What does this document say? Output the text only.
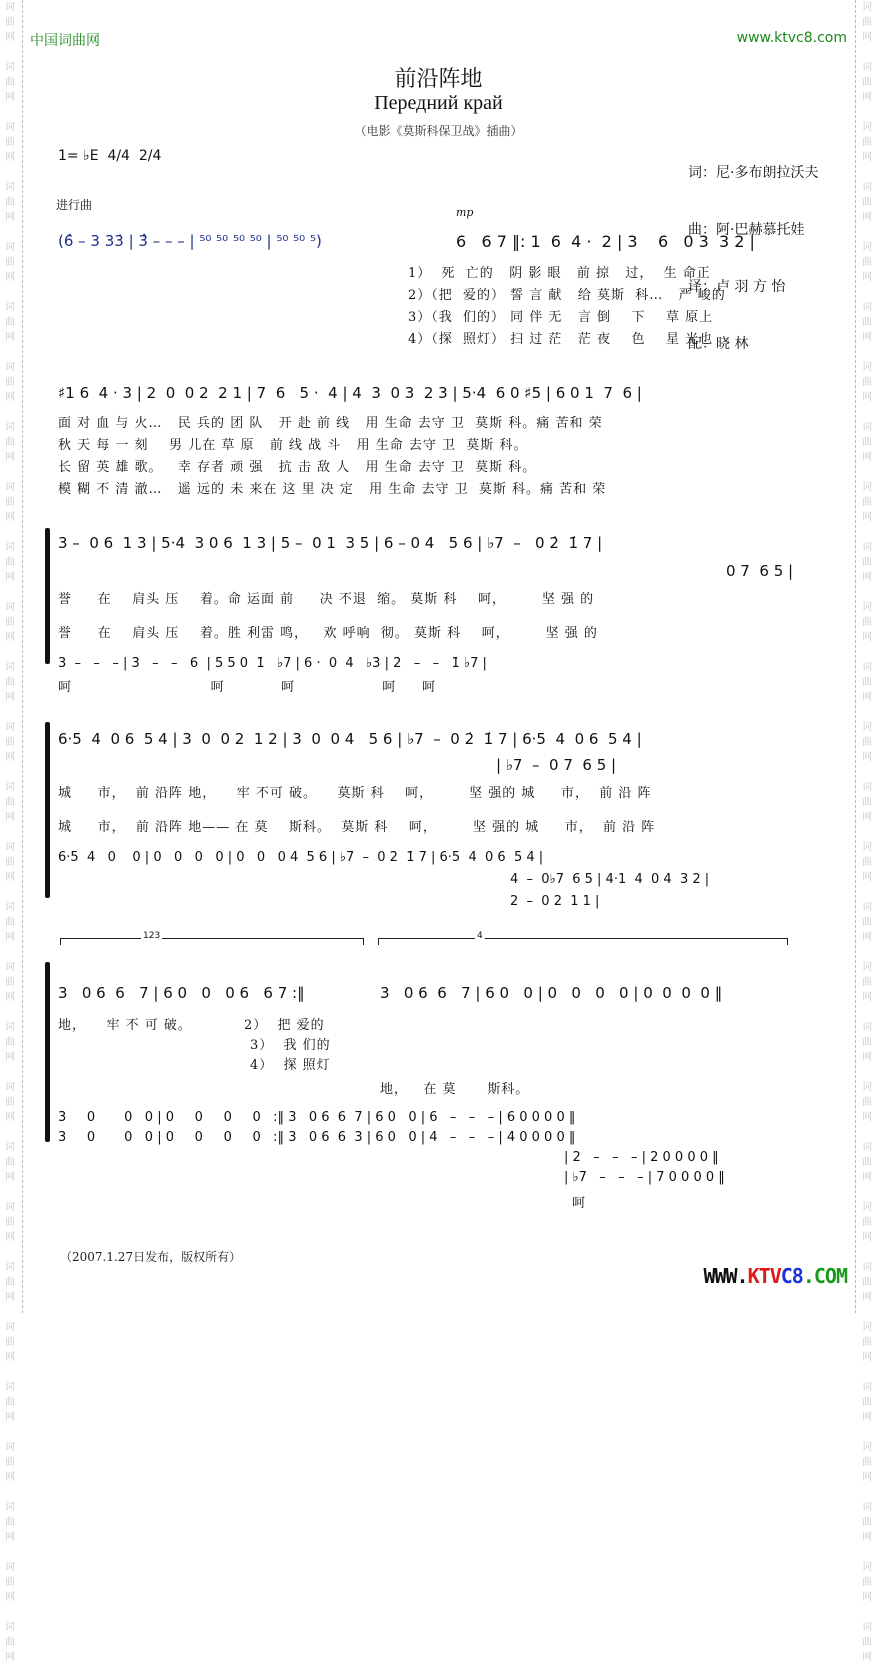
词
曲
网

词
曲
网

词
曲
网

词
曲
网

词
曲
网

词
曲
网

词
曲
网

词
曲
网

词
曲
网

词
曲
网

词
曲
网

词
曲
网

词
曲
网

词
曲
网

词
曲
网

词
曲
网

词
曲
网

词
曲
网

词
曲
网

词
曲
网

词
曲
网

词
曲
网

词
曲
网

词
曲
网

词
曲
网

词
曲
网

词
曲
网

词
曲
网

词
曲
网

词
曲
网

词
曲
网

词
曲
网

词
曲
网

词
曲
网

词
曲
网

词
曲
网

词
曲
网

词
曲
网

词
曲
网

词
曲
网

词
曲
网

词
曲
网

词
曲
网

词
曲
网

词
曲
网

词
曲
网

词
曲
网

词
曲
网

词
曲
网

词
曲
网

词
曲
网

词
曲
网

词
曲
网

词
曲
网

词
曲
网

词
曲
网

中国词曲网	www.ktvc8.com
前沿阵地
Передний край
（电影《莫斯科保卫战》插曲）

词：尼·多布朗拉沃夫

曲：阿·巴赫慕托娃

译：卢 羽 方 怡

配：晓 林

1= ♭E  4/4  2/4
进行曲
mp
(6̂ – 3 33̇ | 3̂ – – – | ⁵⁰ ⁵⁰ ⁵⁰ ⁵⁰ | ⁵⁰ ⁵⁰ ⁵)	6   6 7 ‖: 1  6  4 ·  2 | 3    6   0 3  3 2 |
1）  死  亡的   阴 影 眼   前 掠   过，  生 命正
2）（把  爱的） 誓 言 献   给 莫斯  科…   严 峻的
3）（我  们的） 同 伴 无   言 倒    下    草 原上
4）（探  照灯） 扫 过 茫   茫 夜    色    星 光也
♯1 6  4 · 3 | 2  0  0 2  2 1 | 7  6   5 ·  4 | 4  3  0 3  2 3 | 5·4  6 0 ♯5 | 6 0 1  7  6 |
面 对 血 与 火…   民 兵的 团 队   开 赴 前 线   用 生命 去守 卫  莫斯 科。痛 苦和 荣
秋 天 每 一 刻    男 儿在 草 原   前 线 战 斗   用 生命 去守 卫  莫斯 科。
长 留 英 雄 歌。   幸 存者 顽 强   抗 击 敌 人   用 生命 去守 卫  莫斯 科。
模 糊 不 清 澈…   遥 远的 未 来在 这 里 决 定   用 生命 去守 卫  莫斯 科。痛 苦和 荣
3 –  0 6  1 3 | 5·4  3 0 6  1 3 | 5 –  0 1  3 5 | 6 – 0 4   5 6 | ♭7  –   0 2̇  1̇ 7 |
0 7  6 5 |
誉     在    肩头 压    着。命 运面 前     决 不退  缩。 莫斯 科    呵，       坚 强 的
誉     在    肩头 压    着。胜 利雷 鸣，   欢 呼响  彻。 莫斯 科    呵，       坚 强 的
3  –   –   – | 3   –   –   6  | 5 5 0  1̇   ♭7 | 6 ·  0  4̇   ♭3̇ | 2̇   –   –   1̇ ♭7 |
呵                           呵           呵                 呵     呵
6·5  4  0 6  5 4 | 3  0  0 2  1 2 | 3  0  0 4   5 6 | ♭7  –  0 2̇  1̇ 7 | 6·5  4  0 6  5 4 |
| ♭7  –  0 7  6 5 |
城     市，  前 沿阵 地，    牢 不可 破。    莫斯 科    呵，       坚 强的 城     市，  前 沿 阵
城     市，  前 沿阵 地—— 在 莫    斯科。  莫斯 科    呵，       坚 强的 城     市，  前 沿 阵
6·5  4   0    0 | 0   0   0   0 | 0   0   0 4  5 6 | ♭7  –  0 2̇  1̇ 7 | 6·5  4  0 6  5 4 |
4  –  0♭7  6 5 | 4·1  4  0 4  3 2 |
2  –  0 2  1 1 |
123	4
3   0 6  6   7 | 6 0   0   0 6   6 7 :‖	3   0 6  6   7 | 6 0   0 | 0   0   0   0 | 0  0  0  0 ‖
地，    牢 不 可 破。	2）  把 爱的
3）  我 们的
4）  探 照灯
地，   在 莫      斯科。
3     0       0   0 | 0     0     0     0   :‖ 3   0 6  6  7 | 6 0   0 | 6   –   –   – | 6 0 0 0 0 ‖
3     0       0   0 | 0     0     0     0   :‖ 3   0 6  6  3 | 6 0   0 | 4   –   –   – | 4 0 0 0 0 ‖
| 2   –   –   – | 2 0 0 0 0 ‖
| ♭7   –   –   – | 7 0 0 0 0 ‖
呵
（2007.1.27日发布，版权所有）
WWW.KTVC8.COM
